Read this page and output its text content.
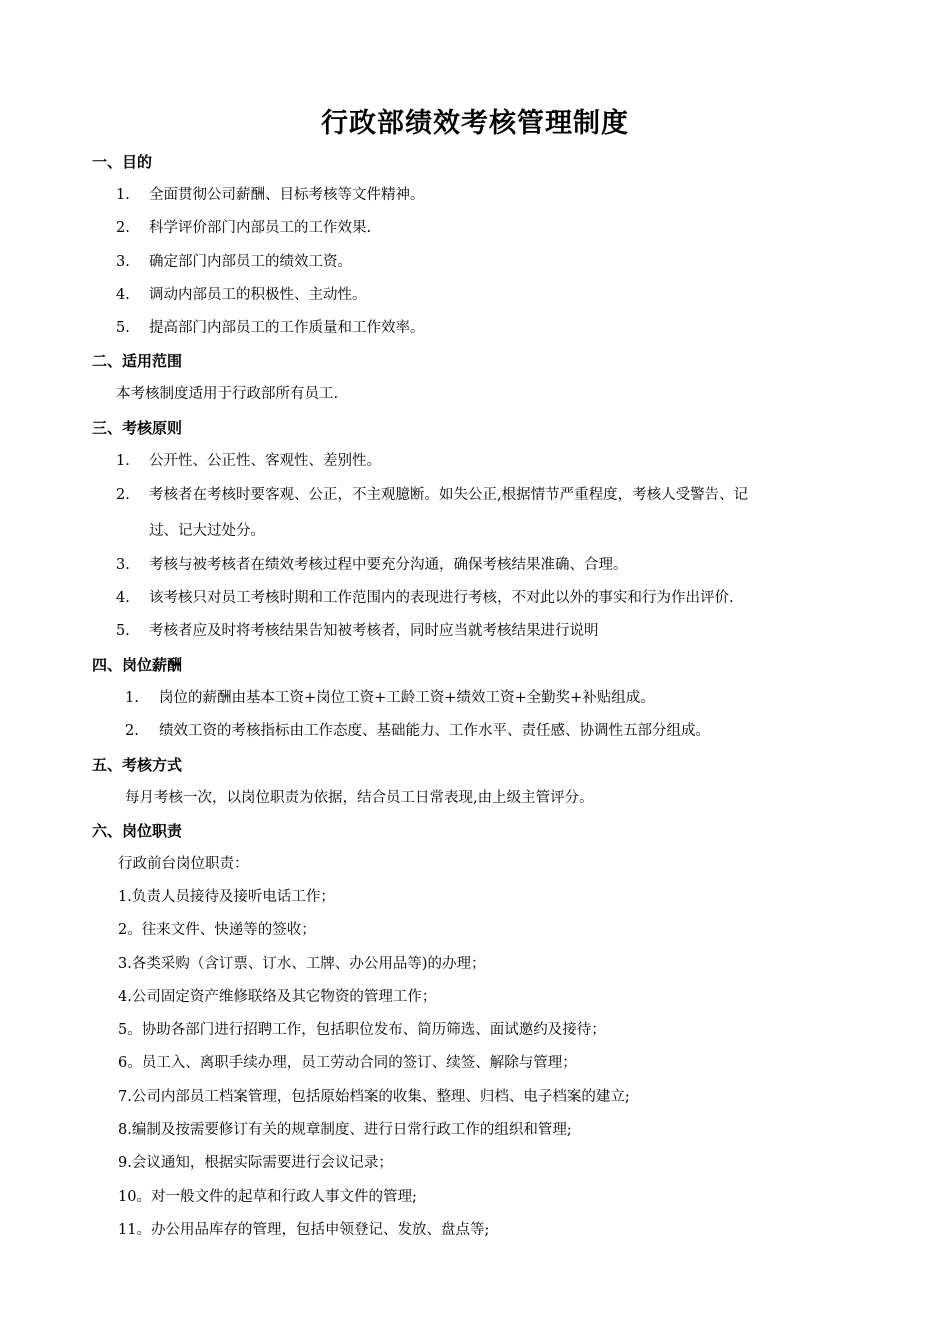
行政部绩效考核管理制度
一、目的
1. 全面贯彻公司薪酬、目标考核等文件精神。
2. 科学评价部门内部员工的工作效果.
3. 确定部门内部员工的绩效工资。
4. 调动内部员工的积极性、主动性。
5. 提高部门内部员工的工作质量和工作效率。
二、适用范围
本考核制度适用于行政部所有员工.
三、考核原则
1. 公开性、公正性、客观性、差别性。
2. 考核者在考核时要客观、公正，不主观臆断。如失公正,根据情节严重程度，考核人受警告、记
过、记大过处分。
3. 考核与被考核者在绩效考核过程中要充分沟通，确保考核结果准确、合理。
4. 该考核只对员工考核时期和工作范围内的表现进行考核，不对此以外的事实和行为作出评价.
5. 考核者应及时将考核结果告知被考核者，同时应当就考核结果进行说明
四、岗位薪酬
1. 岗位的薪酬由基本工资+岗位工资+工龄工资+绩效工资+全勤奖+补贴组成。
2. 绩效工资的考核指标由工作态度、基础能力、工作水平、责任感、协调性五部分组成。
五、考核方式
每月考核一次，以岗位职责为依据，结合员工日常表现,由上级主管评分。
六、岗位职责
行政前台岗位职责：
1.负责人员接待及接听电话工作；
2。往来文件、快递等的签收；
3.各类采购（含订票、订水、工牌、办公用品等)的办理；
4.公司固定资产维修联络及其它物资的管理工作；
5。协助各部门进行招聘工作，包括职位发布、简历筛选、面试邀约及接待；
6。员工入、离职手续办理，员工劳动合同的签订、续签、解除与管理；
7.公司内部员工档案管理，包括原始档案的收集、整理、归档、电子档案的建立;
8.编制及按需要修订有关的规章制度、进行日常行政工作的组织和管理;
9.会议通知，根据实际需要进行会议记录；
10。对一般文件的起草和行政人事文件的管理;
11。办公用品库存的管理，包括申领登记、发放、盘点等;
